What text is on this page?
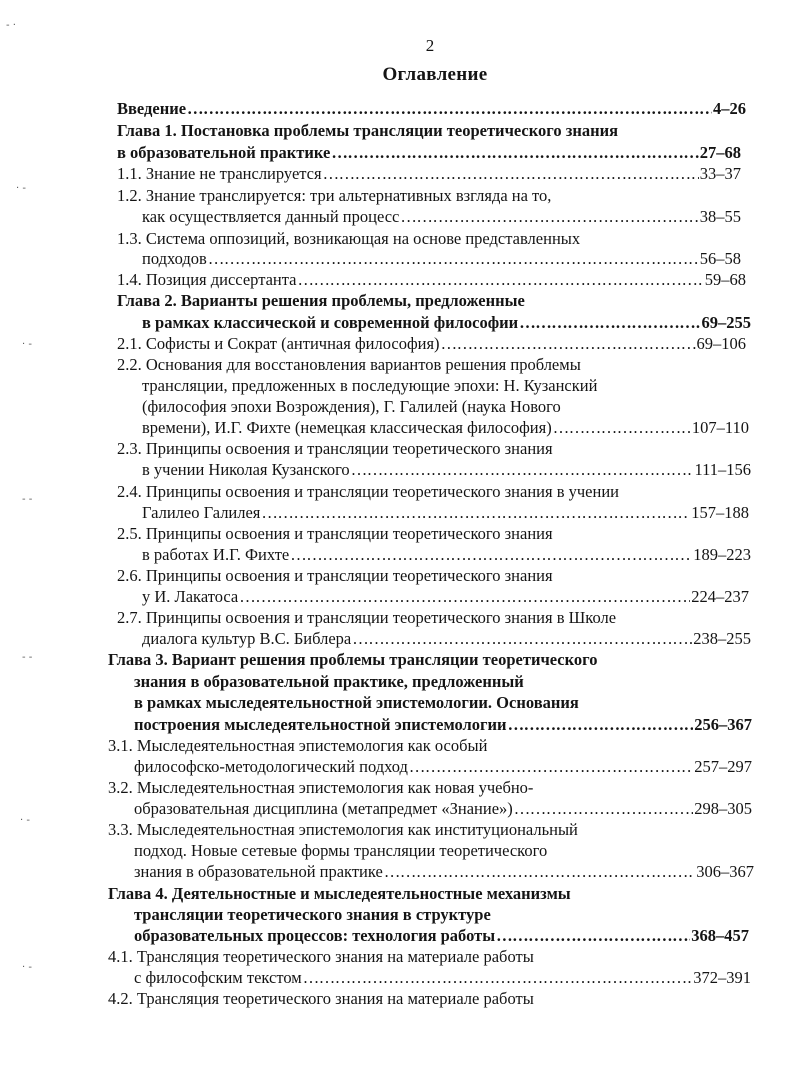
2
Оглавление
- ·
· -
· -
- -
- -
· -
· -
Введение …………………………………………………………………………………………………………………………………………………………………………………………………………	4–26
Глава 1. Постановка проблемы трансляции теоретического знания
в образовательной практике …………………………………………………………………………………………………………………………………………………………………………………………………………	27–68
1.1. Знание не транслируется …………………………………………………………………………………………………………………………………………………………………………………………………………	33–37
1.2. Знание транслируется: три альтернативных взгляда на то,
как осуществляется данный процесс …………………………………………………………………………………………………………………………………………………………………………………………………………	38–55
1.3. Система оппозиций, возникающая на основе представленных
подходов …………………………………………………………………………………………………………………………………………………………………………………………………………	56–58
1.4. Позиция диссертанта …………………………………………………………………………………………………………………………………………………………………………………………………………	59–68
Глава 2. Варианты решения проблемы, предложенные
в рамках классической и современной философии …………………………………………………………………………………………………………………………………………………………………………………………………………	69–255
2.1. Софисты и Сократ (античная философия) …………………………………………………………………………………………………………………………………………………………………………………………………………	69–106
2.2. Основания для восстановления вариантов решения проблемы
трансляции, предложенных в последующие эпохи: Н. Кузанский
(философия эпохи Возрождения), Г. Галилей (наука Нового
времени), И.Г. Фихте (немецкая классическая философия) …………………………………………………………………………………………………………………………………………………………………………………………………………	107–110
2.3. Принципы освоения и трансляции теоретического знания
в учении Николая Кузанского …………………………………………………………………………………………………………………………………………………………………………………………………………	111–156
2.4. Принципы освоения и трансляции теоретического знания в учении
Галилео Галилея …………………………………………………………………………………………………………………………………………………………………………………………………………	157–188
2.5. Принципы освоения и трансляции теоретического знания
в работах И.Г. Фихте …………………………………………………………………………………………………………………………………………………………………………………………………………	189–223
2.6. Принципы освоения и трансляции теоретического знания
у И. Лакатоса …………………………………………………………………………………………………………………………………………………………………………………………………………	224–237
2.7. Принципы освоения и трансляции теоретического знания в Школе
диалога культур В.С. Библера …………………………………………………………………………………………………………………………………………………………………………………………………………	238–255
Глава 3. Вариант решения проблемы трансляции теоретического
знания в образовательной практике, предложенный
в рамках мыследеятельностной эпистемологии. Основания
построения мыследеятельностной эпистемологии …………………………………………………………………………………………………………………………………………………………………………………………………………	256–367
3.1. Мыследеятельностная эпистемология как особый
философско-методологический подход …………………………………………………………………………………………………………………………………………………………………………………………………………	257–297
3.2. Мыследеятельностная эпистемология как новая учебно-
образовательная дисциплина (метапредмет «Знание») …………………………………………………………………………………………………………………………………………………………………………………………………………	298–305
3.3. Мыследеятельностная эпистемология как институциональный
подход. Новые сетевые формы трансляции теоретического
знания в образовательной практике …………………………………………………………………………………………………………………………………………………………………………………………………………	306–367
Глава 4. Деятельностные и мыследеятельностные механизмы
трансляции теоретического знания в структуре
образовательных процессов: технология работы …………………………………………………………………………………………………………………………………………………………………………………………………………	368–457
4.1. Трансляция теоретического знания на материале работы
с философским текстом …………………………………………………………………………………………………………………………………………………………………………………………………………	372–391
4.2. Трансляция теоретического знания на материале работы
